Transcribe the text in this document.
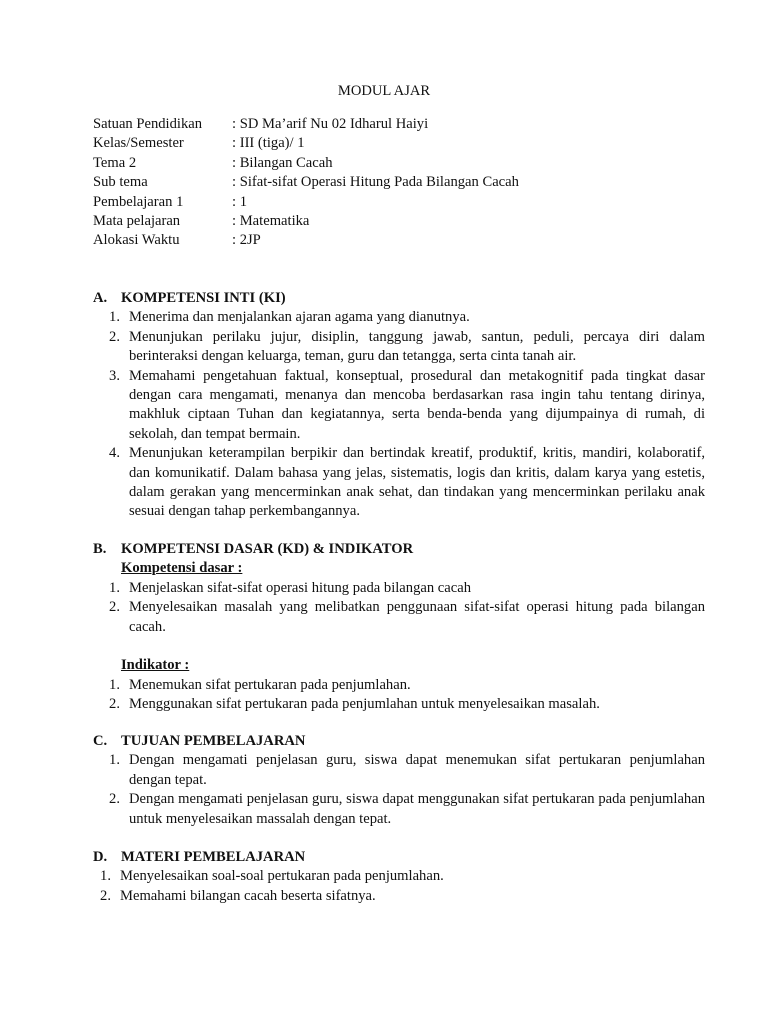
MODUL AJAR
Satuan Pendidikan	: SD Ma’arif Nu 02 Idharul Haiyi
Kelas/Semester	: III (tiga)/ 1
Tema 2	: Bilangan Cacah
Sub tema	: Sifat-sifat Operasi Hitung Pada Bilangan Cacah
Pembelajaran 1	: 1
Mata pelajaran	: Matematika
Alokasi Waktu	: 2JP
A. KOMPETENSI INTI (KI)
1. Menerima dan menjalankan ajaran agama yang dianutnya.
2. Menunjukan perilaku jujur, disiplin, tanggung jawab, santun, peduli, percaya diri dalam berinteraksi dengan keluarga, teman, guru dan tetangga, serta cinta tanah air.
3. Memahami pengetahuan faktual, konseptual, prosedural dan metakognitif pada tingkat dasar dengan cara mengamati, menanya dan mencoba berdasarkan rasa ingin tahu tentang dirinya, makhluk ciptaan Tuhan dan kegiatannya, serta benda-benda yang dijumpainya di rumah, di sekolah, dan tempat bermain.
4. Menunjukan keterampilan berpikir dan bertindak kreatif, produktif, kritis, mandiri, kolaboratif, dan komunikatif. Dalam bahasa yang jelas, sistematis, logis dan kritis, dalam karya yang estetis, dalam gerakan yang mencerminkan anak sehat, dan tindakan yang mencerminkan perilaku anak sesuai dengan tahap perkembangannya.
B.	KOMPETENSI DASAR (KD) & INDIKATOR
Kompetensi dasar :
1. Menjelaskan sifat-sifat operasi hitung pada bilangan cacah
2. Menyelesaikan masalah yang melibatkan penggunaan sifat-sifat operasi hitung pada bilangan cacah.
Indikator :
1. Menemukan sifat pertukaran pada penjumlahan.
2. Menggunakan sifat pertukaran pada penjumlahan untuk menyelesaikan masalah.
C. TUJUAN PEMBELAJARAN
1. Dengan mengamati penjelasan guru, siswa dapat menemukan sifat pertukaran penjumlahan dengan tepat.
2. Dengan mengamati penjelasan guru, siswa dapat menggunakan sifat pertukaran pada penjumlahan untuk menyelesaikan massalah dengan tepat.
D. MATERI PEMBELAJARAN
1. Menyelesaikan soal-soal pertukaran pada penjumlahan.
2. Memahami bilangan cacah beserta sifatnya.
